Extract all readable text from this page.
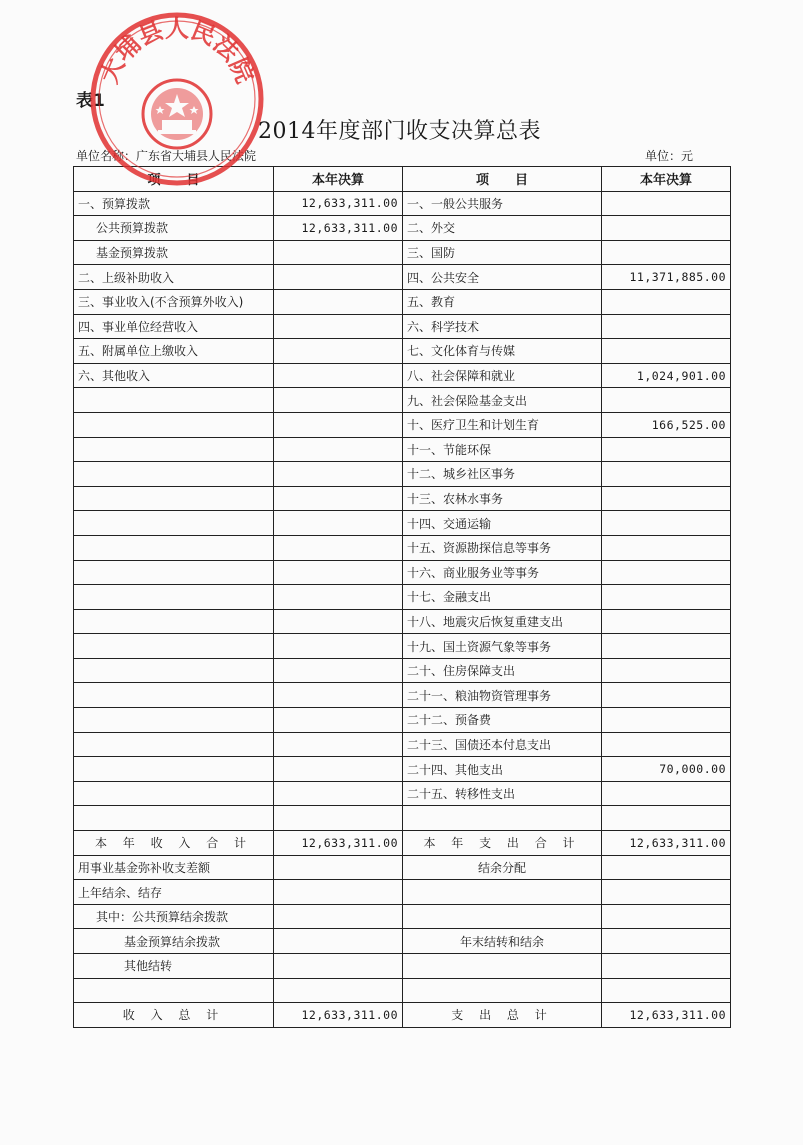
表1
2014年度部门收支决算总表
单位名称：广东省大埔县人民法院	单位：元
项　　目	本年决算	项　　目	本年决算
一、预算拨款	12,633,311.00	一、一般公共服务	
公共预算拨款	12,633,311.00	二、外交	
基金预算拨款		三、国防	
二、上级补助收入		四、公共安全	11,371,885.00
三、事业收入(不含预算外收入)		五、教育	
四、事业单位经营收入		六、科学技术	
五、附属单位上缴收入		七、文化体育与传媒	
六、其他收入		八、社会保障和就业	1,024,901.00
		九、社会保险基金支出	
		十、医疗卫生和计划生育	166,525.00
		十一、节能环保	
		十二、城乡社区事务	
		十三、农林水事务	
		十四、交通运输	
		十五、资源勘探信息等事务	
		十六、商业服务业等事务	
		十七、金融支出	
		十八、地震灾后恢复重建支出	
		十九、国土资源气象等事务	
		二十、住房保障支出	
		二十一、粮油物资管理事务	
		二十二、预备费	
		二十三、国债还本付息支出	
		二十四、其他支出	70,000.00
		二十五、转移性支出	

本 年 收 入 合 计	12,633,311.00	本 年 支 出 合 计	12,633,311.00
用事业基金弥补收支差额		结余分配	
上年结余、结存			
其中：公共预算结余拨款			
基金预算结余拨款		年末结转和结余	
其他结转			

收 入 总 计	12,633,311.00	支 出 总 计	12,633,311.00
大埔县人民法院
